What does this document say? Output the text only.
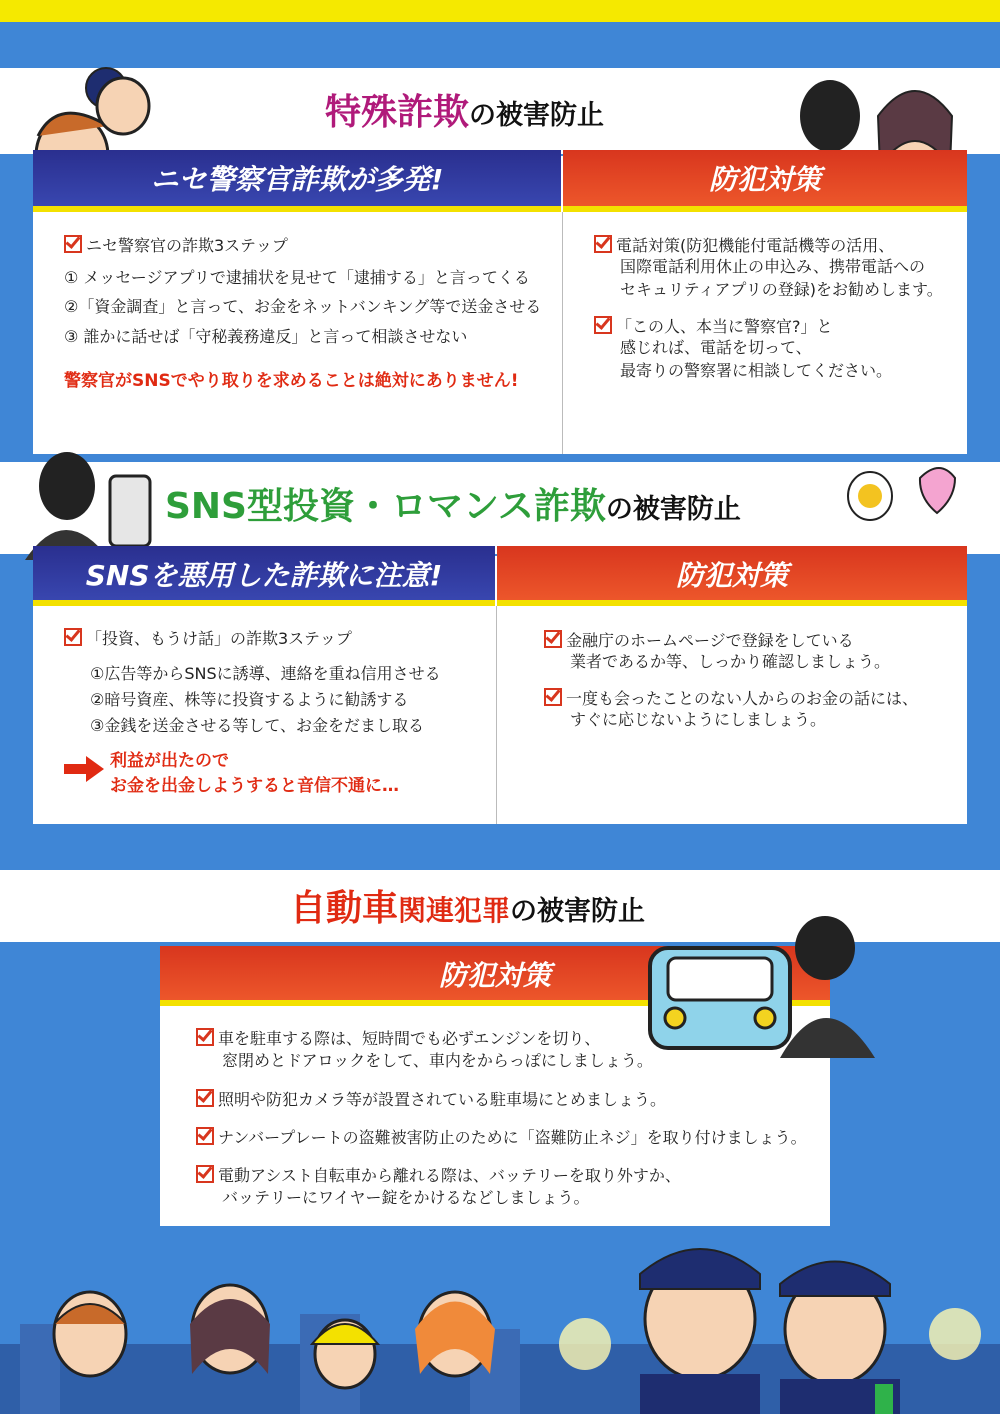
特殊詐欺の被害防止
ニセ警察官詐欺が多発!	防犯対策
ニセ警察官の詐欺3ステップ
① メッセージアプリで逮捕状を見せて「逮捕する」と言ってくる
②「資金調査」と言って、お金をネットバンキング等で送金させる
③ 誰かに話せば「守秘義務違反」と言って相談させない
警察官がSNSでやり取りを求めることは絶対にありません!
電話対策(防犯機能付電話機等の活用、
国際電話利用休止の申込み、携帯電話への
セキュリティアプリの登録)をお勧めします。
「この人、本当に警察官?」と
感じれば、電話を切って、
最寄りの警察署に相談してください。
SNS型投資・ロマンス詐欺の被害防止
SNSを悪用した詐欺に注意!	防犯対策
「投資、もうけ話」の詐欺3ステップ
①広告等からSNSに誘導、連絡を重ね信用させる
②暗号資産、株等に投資するように勧誘する
③金銭を送金させる等して、お金をだまし取る
利益が出たので
お金を出金しようすると音信不通に…
金融庁のホームページで登録をしている
業者であるか等、しっかり確認しましょう。
一度も会ったことのない人からのお金の話には、
すぐに応じないようにしましょう。
自動車関連犯罪の被害防止
防犯対策
車を駐車する際は、短時間でも必ずエンジンを切り、
窓閉めとドアロックをして、車内をからっぽにしましょう。
照明や防犯カメラ等が設置されている駐車場にとめましょう。
ナンバープレートの盗難被害防止のために「盗難防止ネジ」を取り付けましょう。
電動アシスト自転車から離れる際は、バッテリーを取り外すか、
バッテリーにワイヤー錠をかけるなどしましょう。
